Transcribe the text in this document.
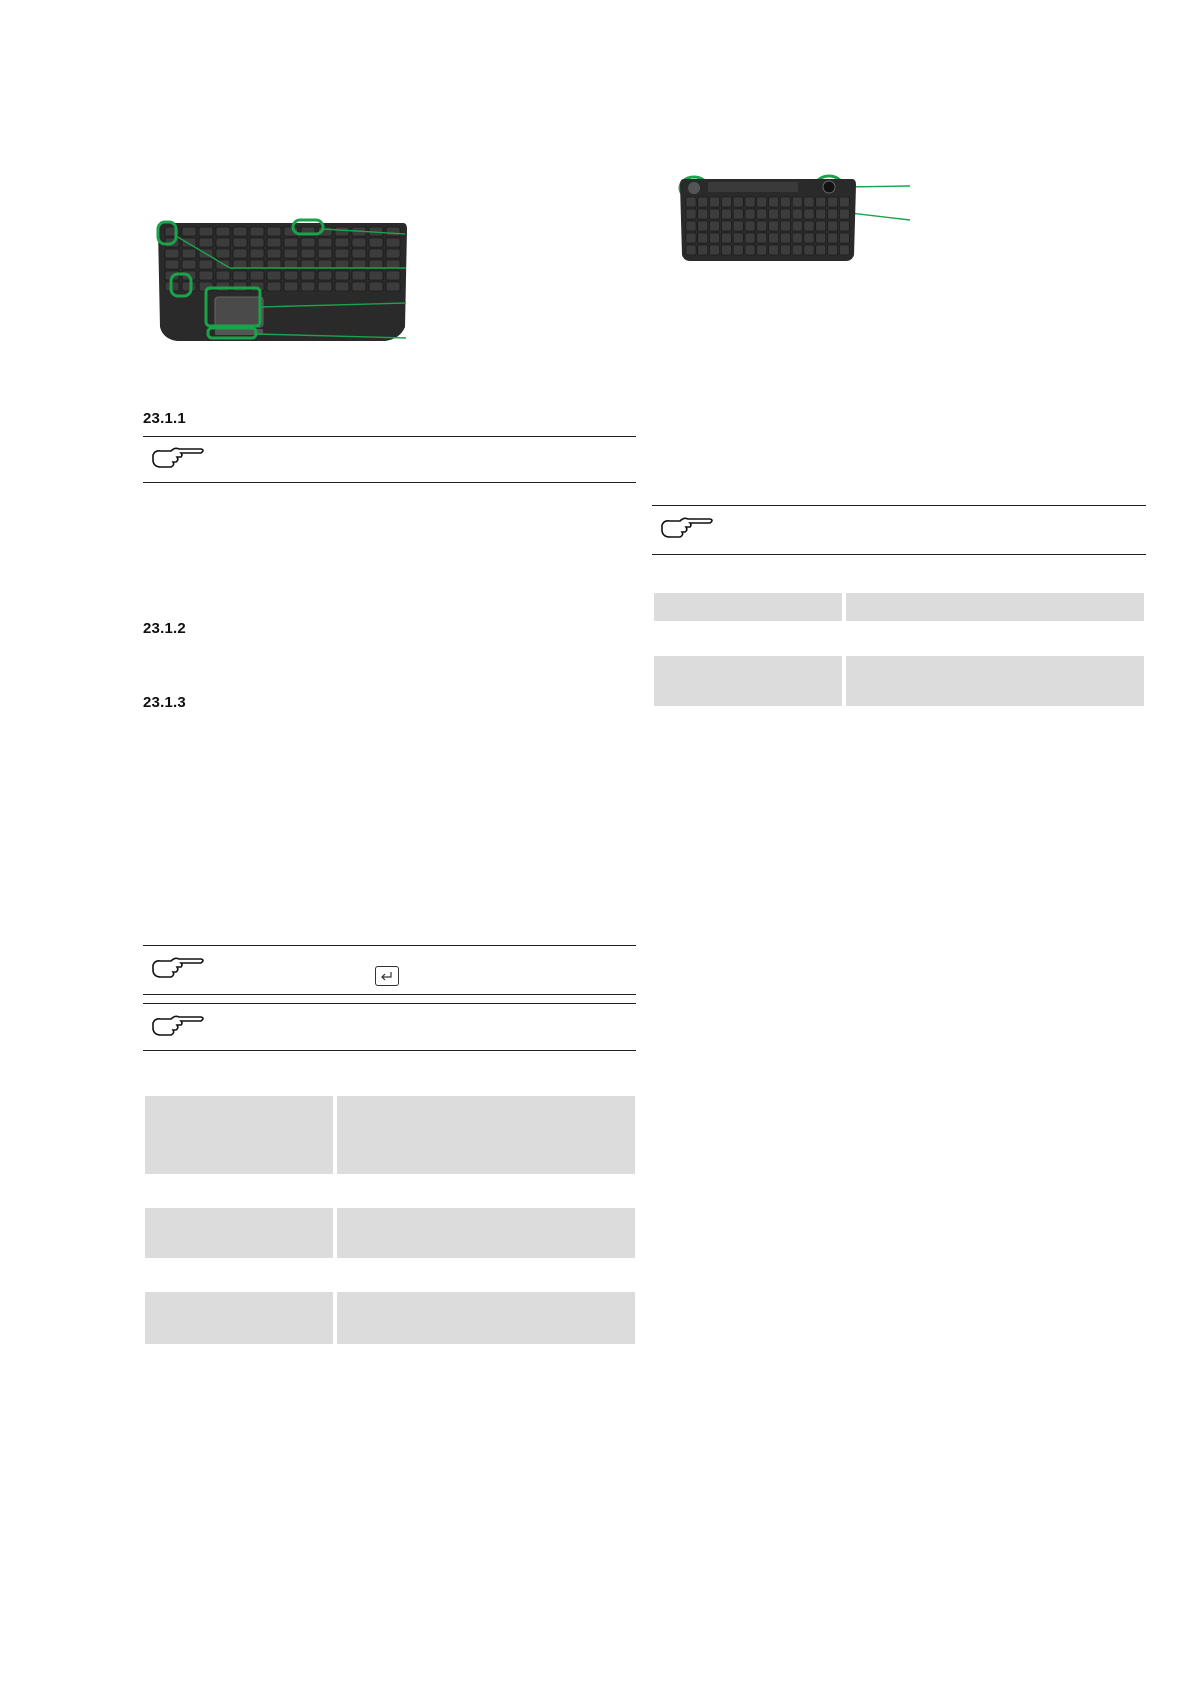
23.1.1
23.1.2
23.1.3
